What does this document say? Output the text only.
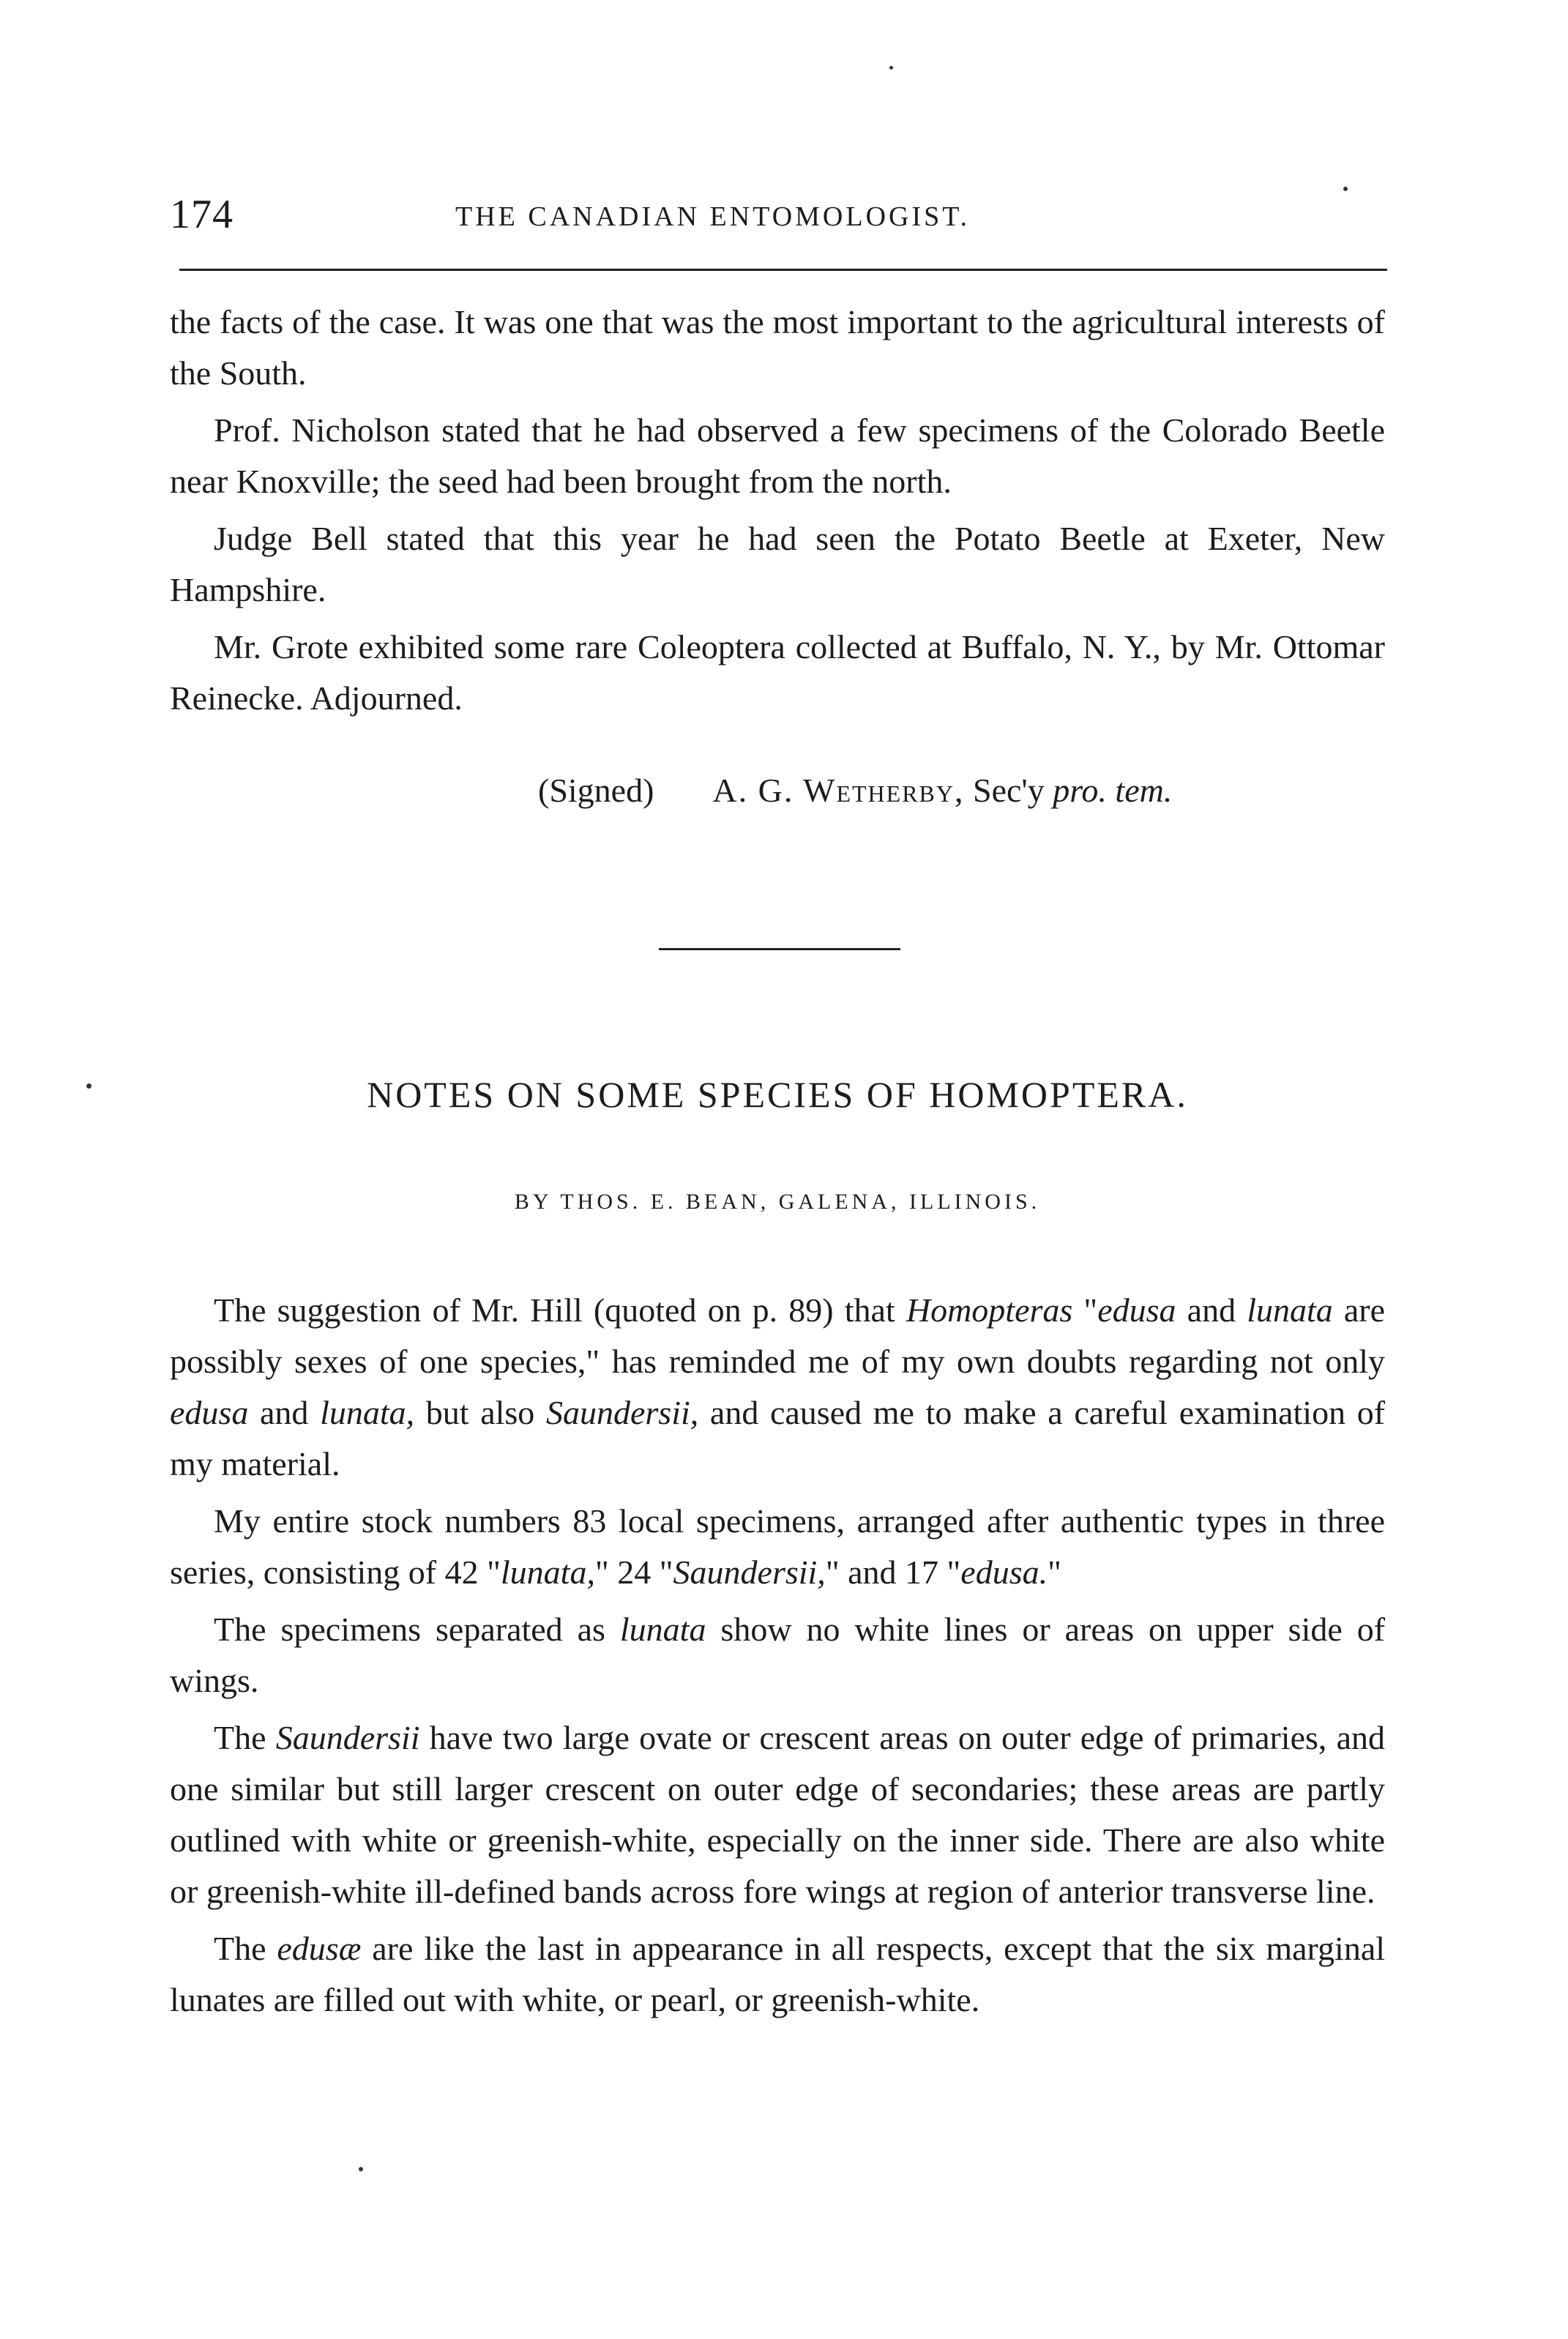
174	THE CANADIAN ENTOMOLOGIST.

the facts of the case. It was one that was the most important to the agricultural interests of the South.

Prof. Nicholson stated that he had observed a few specimens of the Colorado Beetle near Knoxville; the seed had been brought from the north.

Judge Bell stated that this year he had seen the Potato Beetle at Exeter, New Hampshire.

Mr. Grote exhibited some rare Coleoptera collected at Buffalo, N. Y., by Mr. Ottomar Reinecke. Adjourned.

(Signed) A. G. Wetherby, Sec'y pro. tem.
NOTES ON SOME SPECIES OF HOMOPTERA.
BY THOS. E. BEAN, GALENA, ILLINOIS.

The suggestion of Mr. Hill (quoted on p. 89) that Homopteras "edusa and lunata are possibly sexes of one species," has reminded me of my own doubts regarding not only edusa and lunata, but also Saundersii, and caused me to make a careful examination of my material.

My entire stock numbers 83 local specimens, arranged after authentic types in three series, consisting of 42 "lunata," 24 "Saundersii," and 17 "edusa."

The specimens separated as lunata show no white lines or areas on upper side of wings.

The Saundersii have two large ovate or crescent areas on outer edge of primaries, and one similar but still larger crescent on outer edge of secondaries; these areas are partly outlined with white or greenish-white, especially on the inner side. There are also white or greenish-white ill-defined bands across fore wings at region of anterior transverse line.

The edusæ are like the last in appearance in all respects, except that the six marginal lunates are filled out with white, or pearl, or greenish-white.
